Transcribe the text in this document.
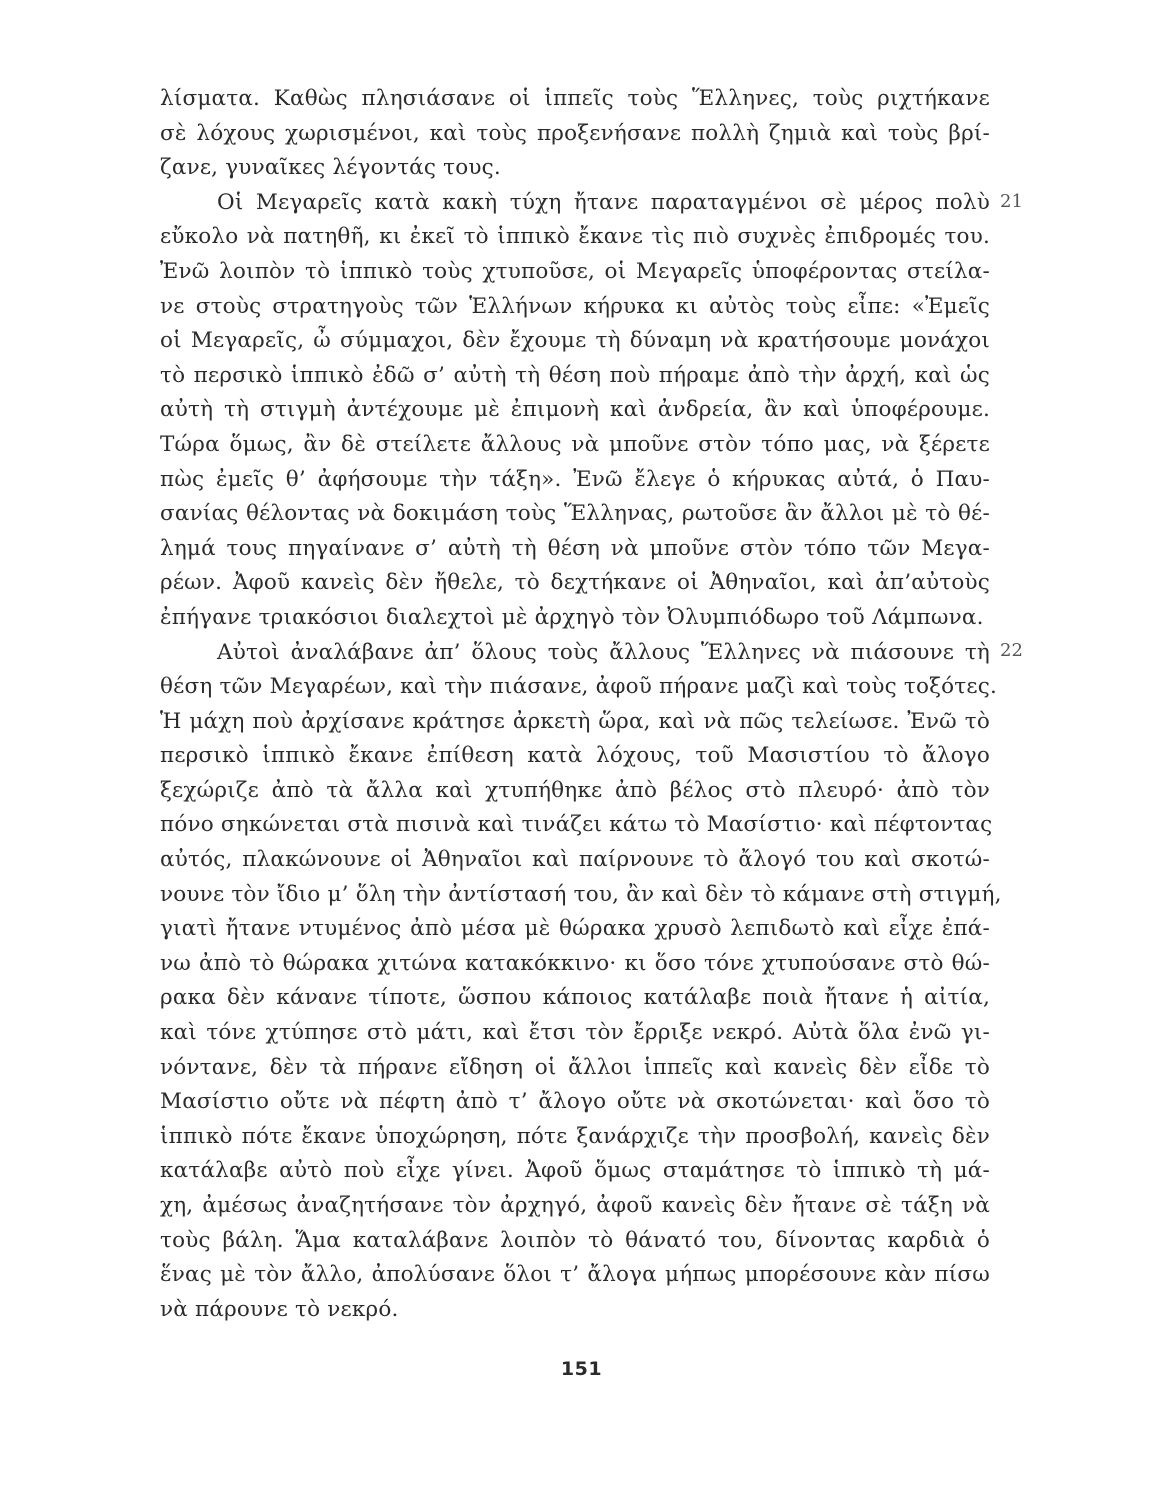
λίσματα. Καθὼς πλησιάσανε οἱ ἱππεῖς τοὺς Ἕλληνες, τοὺς ριχτήκανε
σὲ λόχους χωρισμένοι, καὶ τοὺς προξενήσανε πολλὴ ζημιὰ καὶ τοὺς βρί-
ζανε, γυναῖκες λέγοντάς τους.
Οἱ Μεγαρεῖς κατὰ κακὴ τύχη ἤτανε παραταγμένοι σὲ μέρος πολὺ
εὔκολο νὰ πατηθῆ, κι ἐκεῖ τὸ ἱππικὸ ἔκανε τὶς πιὸ συχνὲς ἐπιδρομές του.
Ἐνῶ λοιπὸν τὸ ἱππικὸ τοὺς χτυποῦσε, οἱ Μεγαρεῖς ὑποφέροντας στείλα-
νε στοὺς στρατηγοὺς τῶν Ἑλλήνων κήρυκα κι αὐτὸς τοὺς εἶπε: «Ἐμεῖς
οἱ Μεγαρεῖς, ὦ σύμμαχοι, δὲν ἔχουμε τὴ δύναμη νὰ κρατήσουμε μονάχοι
τὸ περσικὸ ἱππικὸ ἐδῶ σ’ αὐτὴ τὴ θέση ποὺ πήραμε ἀπὸ τὴν ἀρχή, καὶ ὡς
αὐτὴ τὴ στιγμὴ ἀντέχουμε μὲ ἐπιμονὴ καὶ ἀνδρεία, ἂν καὶ ὑποφέρουμε.
Τώρα ὅμως, ἂν δὲ στείλετε ἄλλους νὰ μποῦνε στὸν τόπο μας, νὰ ξέρετε
πὼς ἐμεῖς θ’ ἀφήσουμε τὴν τάξη». Ἐνῶ ἔλεγε ὁ κήρυκας αὐτά, ὁ Παυ-
σανίας θέλοντας νὰ δοκιμάση τοὺς Ἕλληνας, ρωτοῦσε ἂν ἄλλοι μὲ τὸ θέ-
λημά τους πηγαίνανε σ’ αὐτὴ τὴ θέση νὰ μποῦνε στὸν τόπο τῶν Μεγα-
ρέων. Ἀφοῦ κανεὶς δὲν ἤθελε, τὸ δεχτήκανε οἱ Ἀθηναῖοι, καὶ ἀπ’αὐτοὺς
ἐπήγανε τριακόσιοι διαλεχτοὶ μὲ ἀρχηγὸ τὸν Ὀλυμπιόδωρο τοῦ Λάμπωνα.
Αὐτοὶ ἀναλάβανε ἀπ’ ὅλους τοὺς ἄλλους Ἕλληνες νὰ πιάσουνε τὴ
θέση τῶν Μεγαρέων, καὶ τὴν πιάσανε, ἀφοῦ πήρανε μαζὶ καὶ τοὺς τοξότες.
Ἡ μάχη ποὺ ἀρχίσανε κράτησε ἀρκετὴ ὥρα, καὶ νὰ πῶς τελείωσε. Ἐνῶ τὸ
περσικὸ ἱππικὸ ἔκανε ἐπίθεση κατὰ λόχους, τοῦ Μασιστίου τὸ ἄλογο
ξεχώριζε ἀπὸ τὰ ἄλλα καὶ χτυπήθηκε ἀπὸ βέλος στὸ πλευρό· ἀπὸ τὸν
πόνο σηκώνεται στὰ πισινὰ καὶ τινάζει κάτω τὸ Μασίστιο· καὶ πέφτοντας
αὐτός, πλακώνουνε οἱ Ἀθηναῖοι καὶ παίρνουνε τὸ ἄλογό του καὶ σκοτώ-
νουνε τὸν ἴδιο μ’ ὅλη τὴν ἀντίστασή του, ἂν καὶ δὲν τὸ κάμανε στὴ στιγμή,
γιατὶ ἤτανε ντυμένος ἀπὸ μέσα μὲ θώρακα χρυσὸ λεπιδωτὸ καὶ εἶχε ἐπά-
νω ἀπὸ τὸ θώρακα χιτώνα κατακόκκινο· κι ὅσο τόνε χτυπούσανε στὸ θώ-
ρακα δὲν κάνανε τίποτε, ὥσπου κάποιος κατάλαβε ποιὰ ἤτανε ἡ αἰτία,
καὶ τόνε χτύπησε στὸ μάτι, καὶ ἔτσι τὸν ἔρριξε νεκρό. Αὐτὰ ὅλα ἐνῶ γι-
νόντανε, δὲν τὰ πήρανε εἴδηση οἱ ἄλλοι ἱππεῖς καὶ κανεὶς δὲν εἶδε τὸ
Μασίστιο οὔτε νὰ πέφτη ἀπὸ τ’ ἄλογο οὔτε νὰ σκοτώνεται· καὶ ὅσο τὸ
ἱππικὸ πότε ἔκανε ὑποχώρηση, πότε ξανάρχιζε τὴν προσβολή, κανεὶς δὲν
κατάλαβε αὐτὸ ποὺ εἶχε γίνει. Ἀφοῦ ὅμως σταμάτησε τὸ ἱππικὸ τὴ μά-
χη, ἀμέσως ἀναζητήσανε τὸν ἀρχηγό, ἀφοῦ κανεὶς δὲν ἤτανε σὲ τάξη νὰ
τοὺς βάλη. Ἅμα καταλάβανε λοιπὸν τὸ θάνατό του, δίνοντας καρδιὰ ὁ
ἕνας μὲ τὸν ἄλλο, ἀπολύσανε ὅλοι τ’ ἄλογα μήπως μπορέσουνε κὰν πίσω
νὰ πάρουνε τὸ νεκρό.
21
22
151
